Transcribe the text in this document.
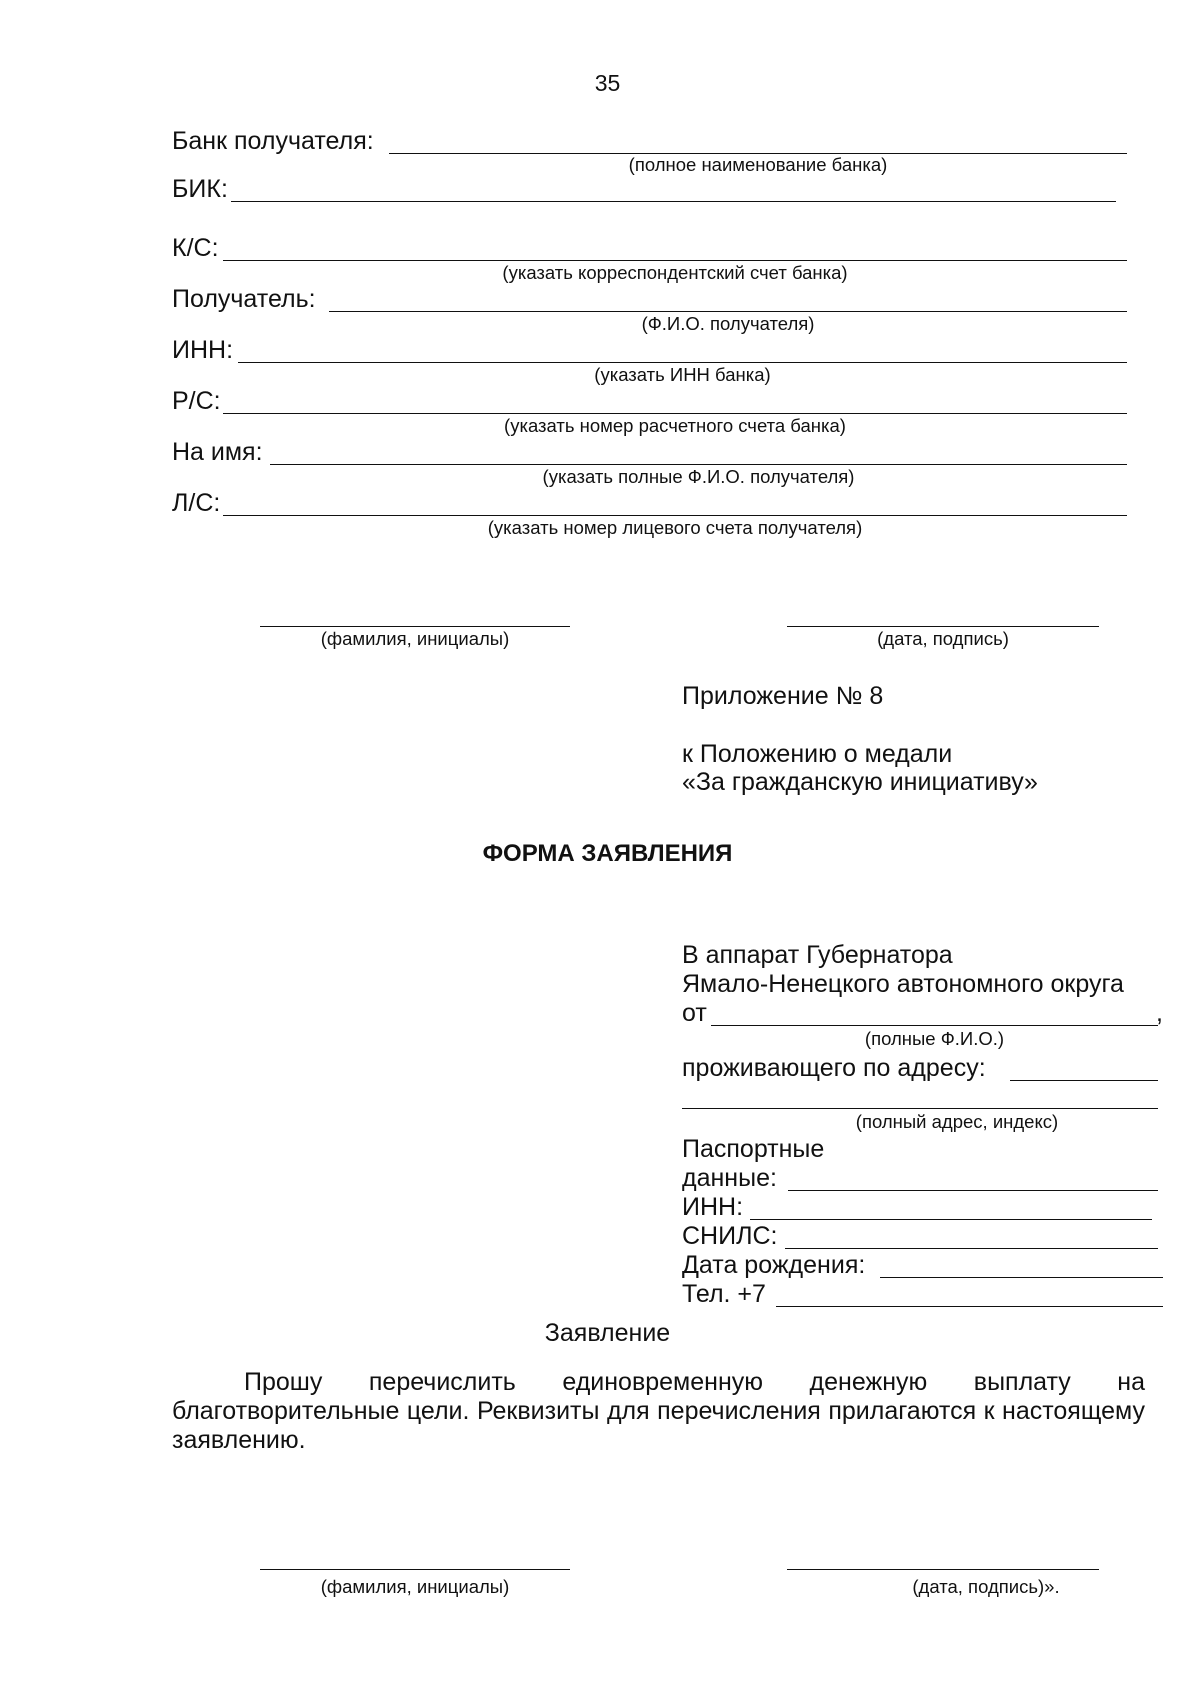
35
Банк получателя:
(полное наименование банка)
БИК:
К/С:
(указать корреспондентский счет банка)
Получатель:
(Ф.И.О. получателя)
ИНН:
(указать ИНН банка)
Р/С:
(указать номер расчетного счета банка)
На имя:
(указать полные Ф.И.О. получателя)
Л/С:
(указать номер лицевого счета получателя)
(фамилия, инициалы)	(дата, подпись)
Приложение № 8
к Положению о медали
«За гражданскую инициативу»
ФОРМА ЗАЯВЛЕНИЯ
В аппарат Губернатора
Ямало-Ненецкого автономного округа
от	,
(полные Ф.И.О.)
проживающего по адресу:
(полный адрес, индекс)
Паспортные
данные:
ИНН:
СНИЛС:
Дата рождения:
Тел. +7
Заявление
Прошу перечислить единовременную денежную выплату на благотворительные цели. Реквизиты для перечисления прилагаются к настоящему заявлению.
(фамилия, инициалы)	(дата, подпись)».
